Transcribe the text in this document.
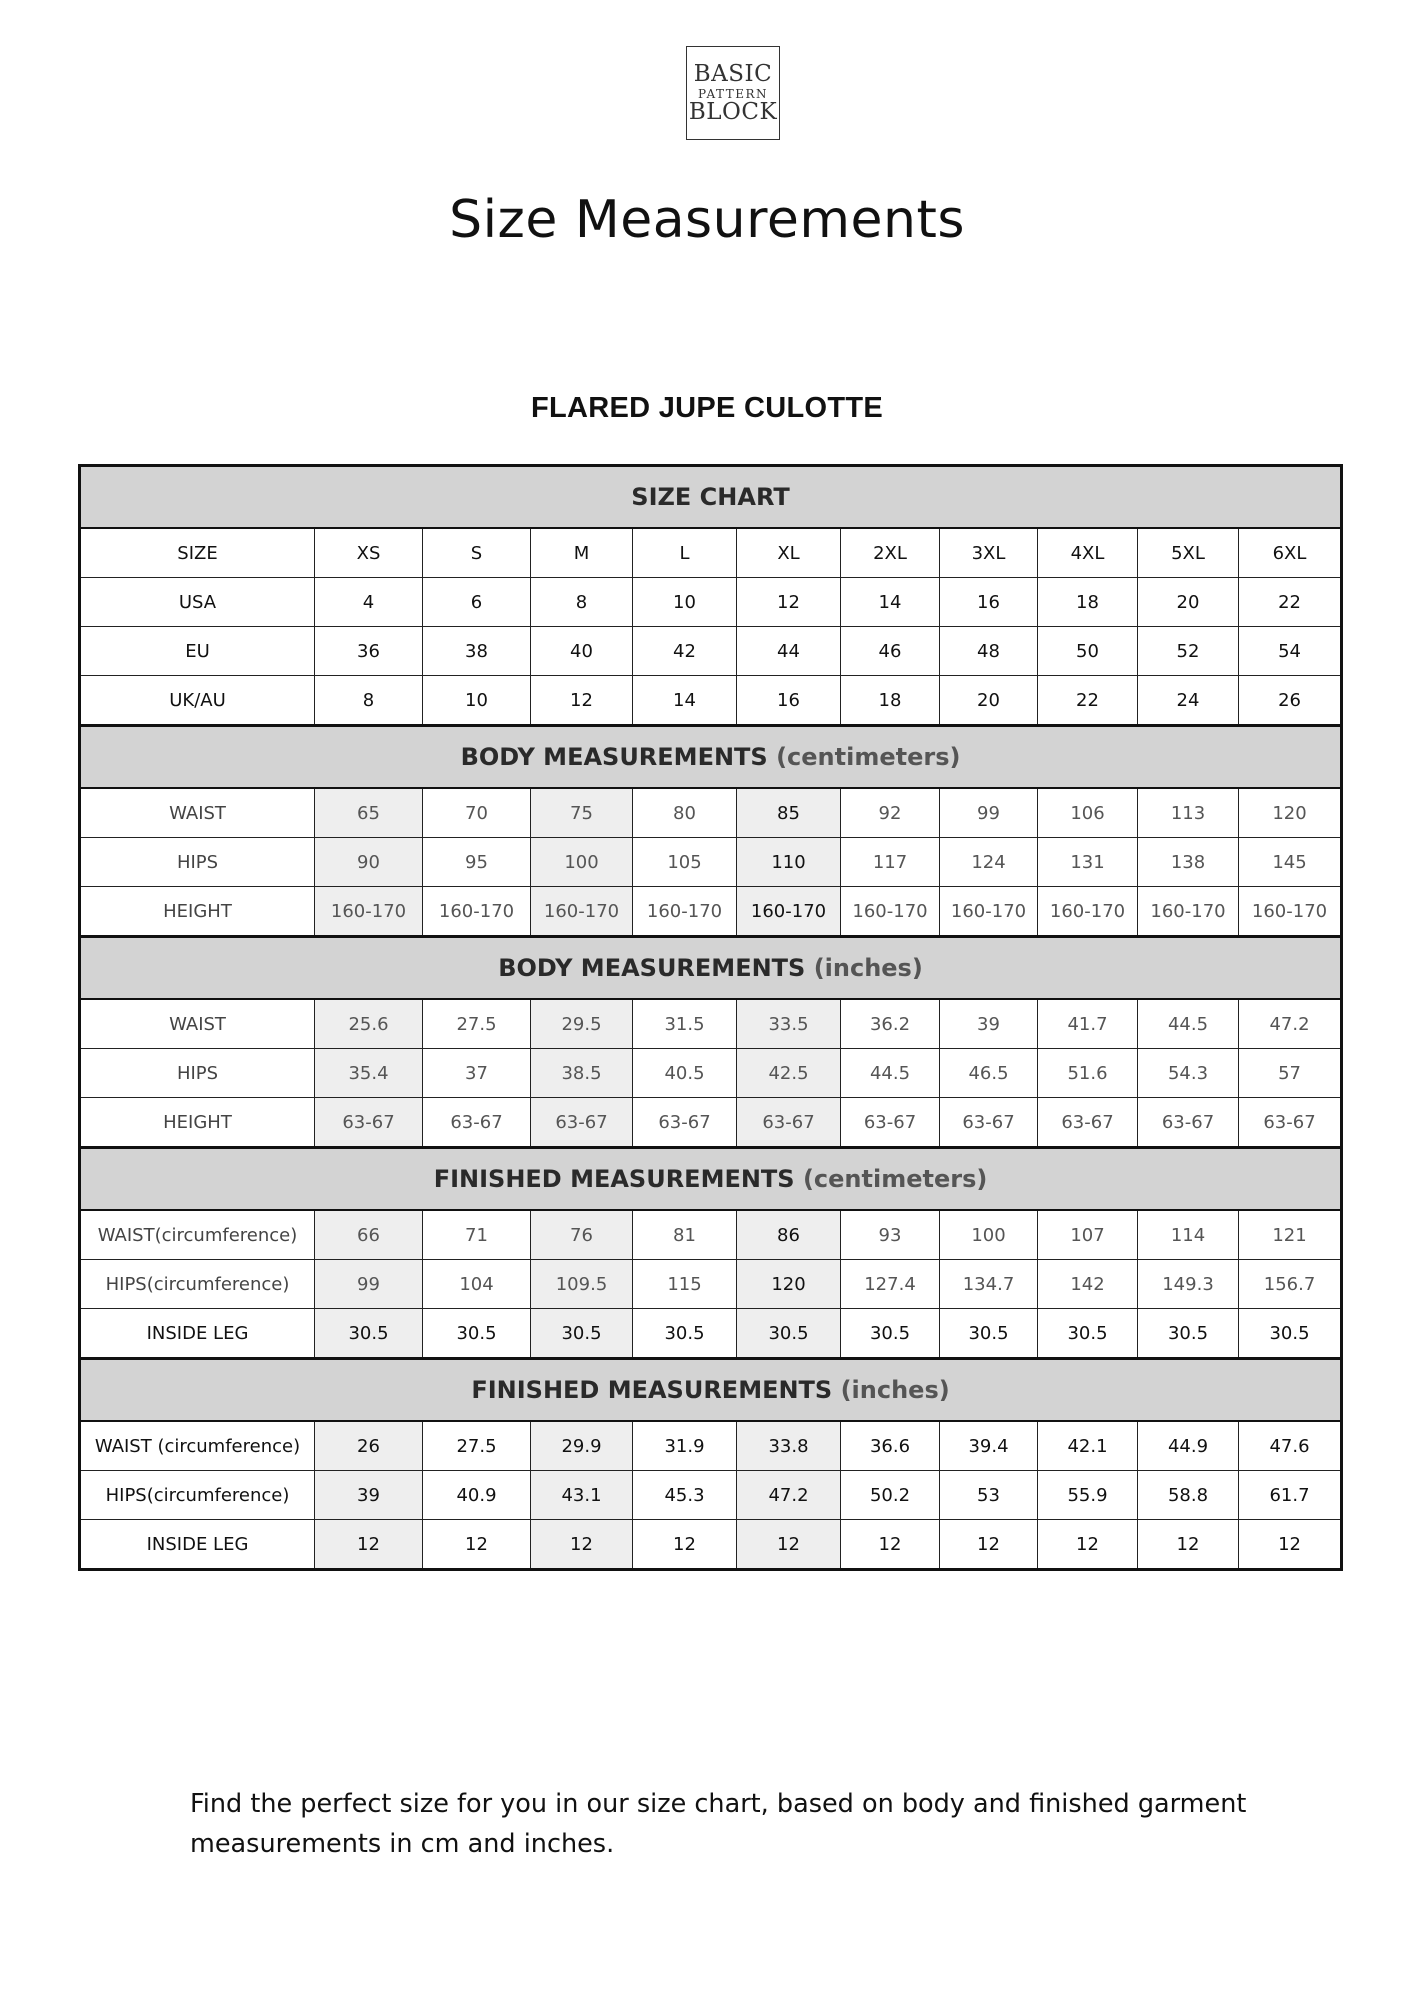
BASIC
PATTERN
BLOCK
Size Measurements
FLARED JUPE CULOTTE
SIZE CHART										
SIZE	XS	S	M	L	XL	2XL	3XL	4XL	5XL	6XL
USA	4	6	8	10	12	14	16	18	20	22
EU	36	38	40	42	44	46	48	50	52	54
UK/AU	8	10	12	14	16	18	20	22	24	26
BODY MEASUREMENTS (centimeters)										
WAIST	65	70	75	80	85	92	99	106	113	120
HIPS	90	95	100	105	110	117	124	131	138	145
HEIGHT	160-170	160-170	160-170	160-170	160-170	160-170	160-170	160-170	160-170	160-170
BODY MEASUREMENTS (inches)										
WAIST	25.6	27.5	29.5	31.5	33.5	36.2	39	41.7	44.5	47.2
HIPS	35.4	37	38.5	40.5	42.5	44.5	46.5	51.6	54.3	57
HEIGHT	63-67	63-67	63-67	63-67	63-67	63-67	63-67	63-67	63-67	63-67
FINISHED MEASUREMENTS (centimeters)										
WAIST(circumference)	66	71	76	81	86	93	100	107	114	121
HIPS(circumference)	99	104	109.5	115	120	127.4	134.7	142	149.3	156.7
INSIDE LEG	30.5	30.5	30.5	30.5	30.5	30.5	30.5	30.5	30.5	30.5
FINISHED MEASUREMENTS (inches)										
WAIST (circumference)	26	27.5	29.9	31.9	33.8	36.6	39.4	42.1	44.9	47.6
HIPS(circumference)	39	40.9	43.1	45.3	47.2	50.2	53	55.9	58.8	61.7
INSIDE LEG	12	12	12	12	12	12	12	12	12	12
Find the perfect size for you in our size chart, based on body and finished garment measurements in cm and inches.
